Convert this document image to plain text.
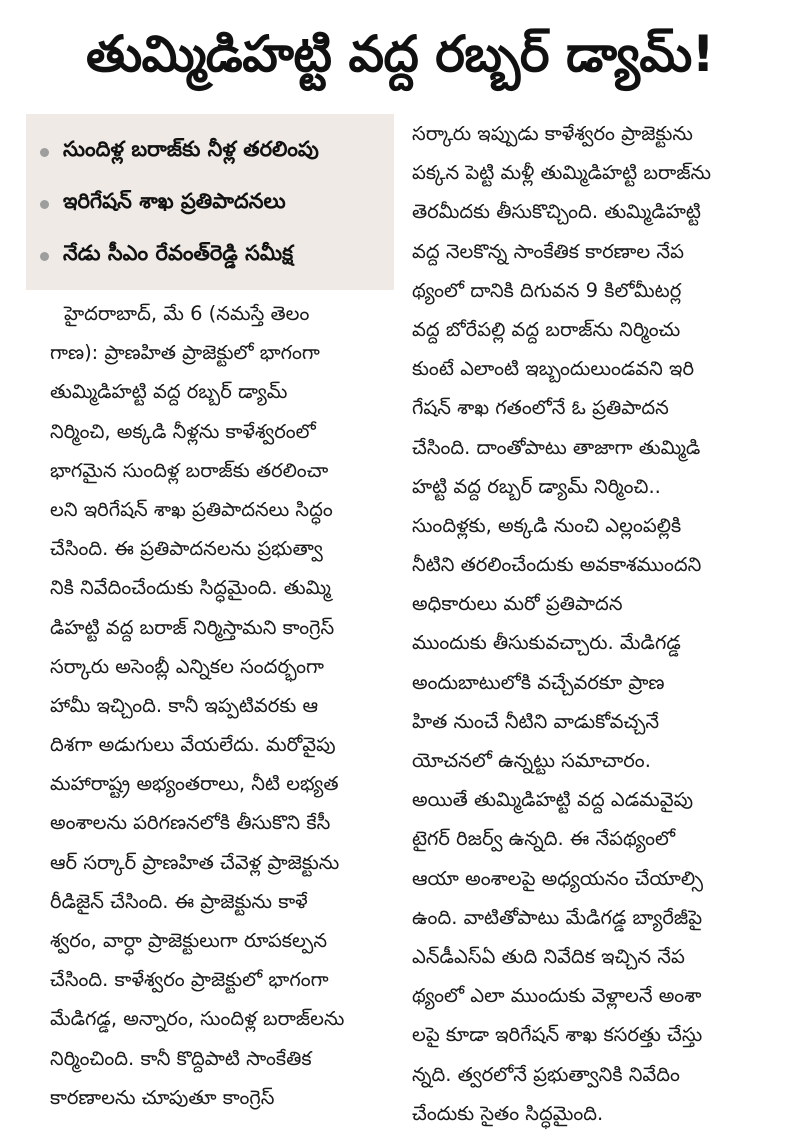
తుమ్మిడిహట్టి వద్ద రబ్బర్‌ డ్యామ్‌!
సుందిళ్ల బరాజ్‌కు నీళ్ల తరలింపు
ఇరిగేషన్‌ శాఖ ప్రతిపాదనలు
నేడు సీఎం రేవంత్‌రెడ్డి సమీక్ష
హైదరాబాద్‌, మే 6 (నమస్తే తెలం
గాణ): ప్రాణహిత ప్రాజెక్టులో భాగంగా
తుమ్మిడిహట్టి వద్ద రబ్బర్‌ డ్యామ్‌
నిర్మించి, అక్కడి నీళ్లను కాళేశ్వరంలో
భాగమైన సుందిళ్ల బరాజ్‌కు తరలించా
లని ఇరిగేషన్‌ శాఖ ప్రతిపాదనలు సిద్ధం
చేసింది. ఈ ప్రతిపాదనలను ప్రభుత్వా
నికి నివేదించేందుకు సిద్ధమైంది. తుమ్మి
డిహట్టి వద్ద బరాజ్‌ నిర్మిస్తామని కాంగ్రెస్‌
సర్కారు అసెంబ్లీ ఎన్నికల సందర్భంగా
హామీ ఇచ్చింది. కానీ ఇప్పటివరకు ఆ
దిశగా అడుగులు వేయలేదు. మరోవైపు
మహారాష్ట్ర అభ్యంతరాలు, నీటి లభ్యత
అంశాలను పరిగణనలోకి తీసుకొని కేసీ
ఆర్‌ సర్కార్‌ ప్రాణహిత చేవెళ్ల ప్రాజెక్టును
రీడిజైన్‌ చేసింది. ఈ ప్రాజెక్టును కాళే
శ్వరం, వార్ధా ప్రాజెక్టులుగా రూపకల్పన
చేసింది. కాళేశ్వరం ప్రాజెక్టులో భాగంగా
మేడిగడ్డ, అన్నారం, సుందిళ్ల బరాజ్‌లను
నిర్మించింది. కానీ కొద్దిపాటి సాంకేతిక
కారణాలను చూపుతూ కాంగ్రెస్‌
సర్కారు ఇప్పుడు కాళేశ్వరం ప్రాజెక్టును
పక్కన పెట్టి మళ్లీ తుమ్మిడిహట్టి బరాజ్‌ను
తెరమీదకు తీసుకొచ్చింది. తుమ్మిడిహట్టి
వద్ద నెలకొన్న సాంకేతిక కారణాల నేప
థ్యంలో దానికి దిగువన 9 కిలోమీటర్ల
వద్ద బోరేపల్లి వద్ద బరాజ్‌ను నిర్మించు
కుంటే ఎలాంటి ఇబ్బందులుండవని ఇరి
గేషన్‌ శాఖ గతంలోనే ఓ ప్రతిపాదన
చేసింది. దాంతోపాటు తాజాగా తుమ్మిడి
హట్టి వద్ద రబ్బర్‌ డ్యామ్‌ నిర్మించి..
సుందిళ్లకు, అక్కడి నుంచి ఎల్లంపల్లికి
నీటిని తరలించేందుకు అవకాశముందని
అధికారులు మరో ప్రతిపాదన
ముందుకు తీసుకువచ్చారు. మేడిగడ్డ
అందుబాటులోకి వచ్చేవరకూ ప్రాణ
హిత నుంచే నీటిని వాడుకోవచ్చనే
యోచనలో ఉన్నట్టు సమాచారం.
అయితే తుమ్మిడిహట్టి వద్ద ఎడమవైపు
టైగర్‌ రిజర్వ్‌ ఉన్నది. ఈ నేపథ్యంలో
ఆయా అంశాలపై అధ్యయనం చేయాల్సి
ఉంది. వాటితోపాటు మేడిగడ్డ బ్యారేజీపై
ఎన్‌డీఎస్‌ఏ తుది నివేదిక ఇచ్చిన నేప
థ్యంలో ఎలా ముందుకు వెళ్లాలనే అంశా
లపై కూడా ఇరిగేషన్‌ శాఖ కసరత్తు చేస్తు
న్నది. త్వరలోనే ప్రభుత్వానికి నివేదిం
చేందుకు సైతం సిద్ధమైంది.
